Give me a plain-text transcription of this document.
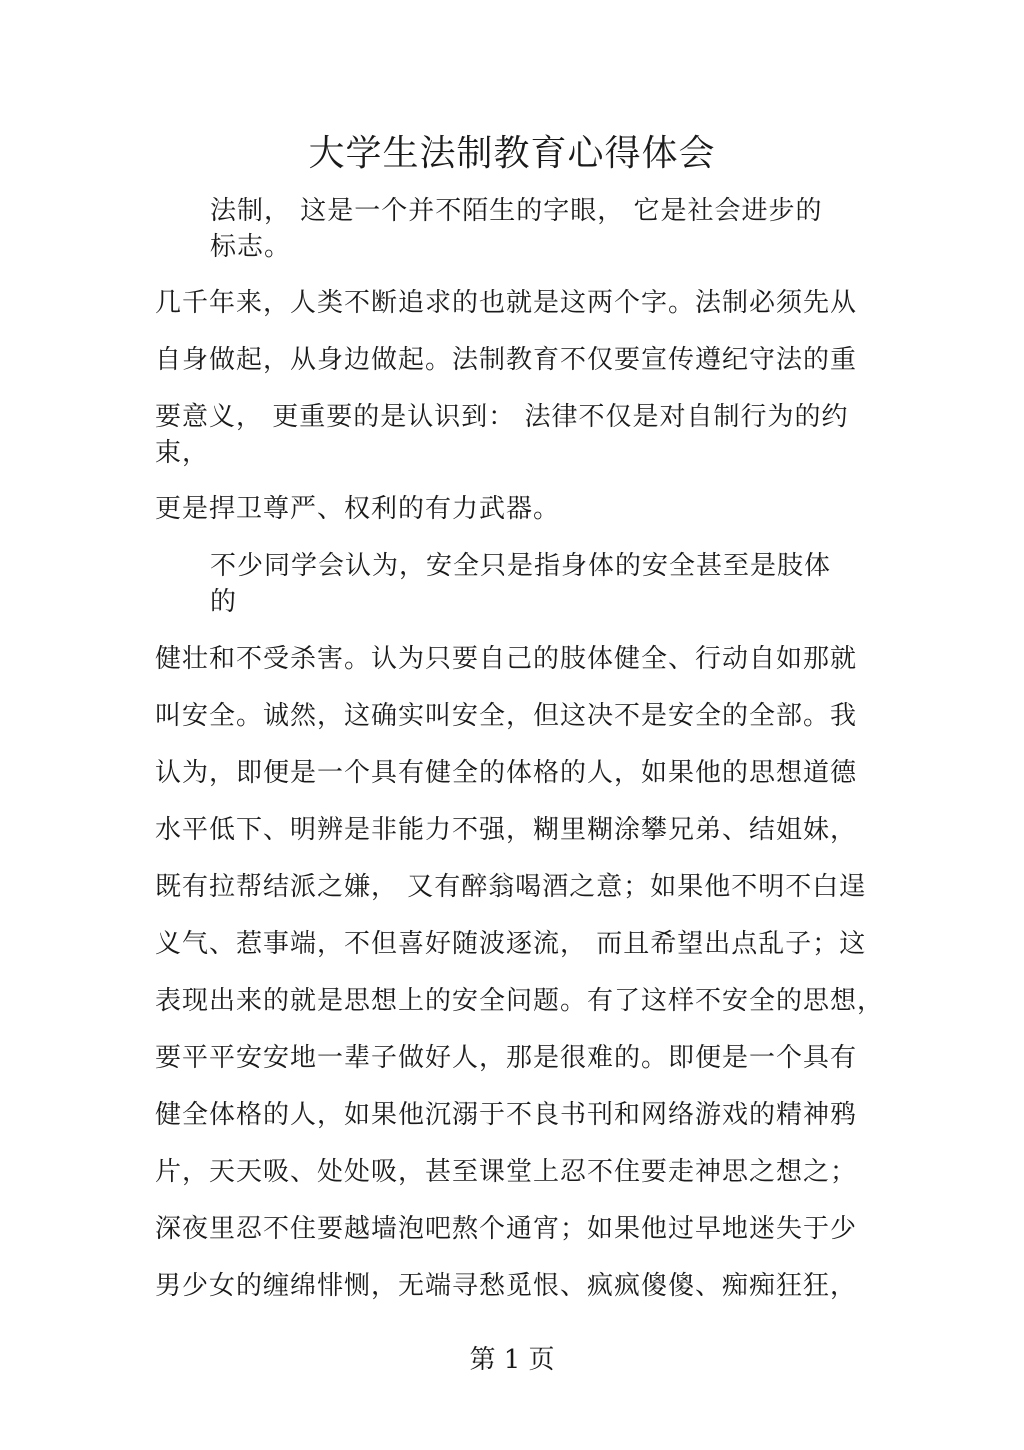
大学生法制教育心得体会
法制， 这是一个并不陌生的字眼， 它是社会进步的
标志。
几千年来，人类不断追求的也就是这两个字。法制必须先从
自身做起，从身边做起。法制教育不仅要宣传遵纪守法的重
要意义， 更重要的是认识到： 法律不仅是对自制行为的约
束，
更是捍卫尊严、权利的有力武器。
不少同学会认为，安全只是指身体的安全甚至是肢体
的
健壮和不受杀害。认为只要自己的肢体健全、行动自如那就
叫安全。诚然，这确实叫安全，但这决不是安全的全部。我
认为，即便是一个具有健全的体格的人，如果他的思想道德
水平低下、明辨是非能力不强，糊里糊涂攀兄弟、结姐妹，
既有拉帮结派之嫌， 又有醉翁喝酒之意；如果他不明不白逞
义气、惹事端，不但喜好随波逐流， 而且希望出点乱子；这
表现出来的就是思想上的安全问题。有了这样不安全的思想，
要平平安安地一辈子做好人，那是很难的。即便是一个具有
健全体格的人，如果他沉溺于不良书刊和网络游戏的精神鸦
片，天天吸、处处吸，甚至课堂上忍不住要走神思之想之；
深夜里忍不住要越墙泡吧熬个通宵；如果他过早地迷失于少
男少女的缠绵悱恻，无端寻愁觅恨、疯疯傻傻、痴痴狂狂，
第 1 页
